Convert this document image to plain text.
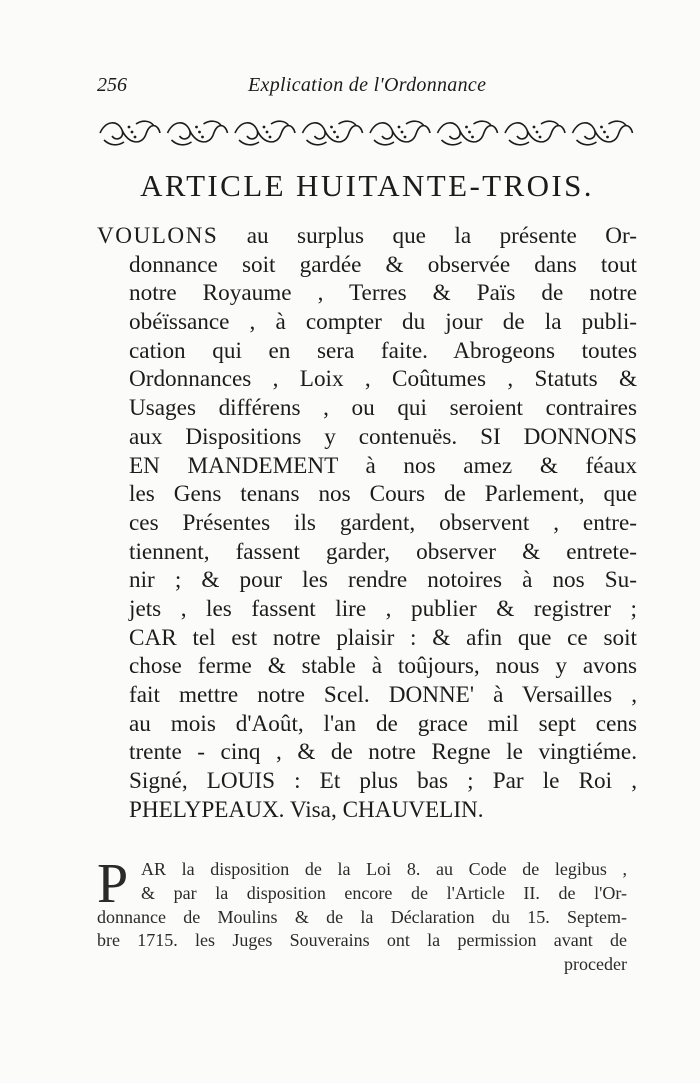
256	Explication de l'Ordonnance
ARTICLE HUITANTE-TROIS.
VOULONS au surplus que la présente Or-
donnance soit gardée & observée dans tout
notre Royaume , Terres & Païs de notre
obéïssance , à compter du jour de la publi-
cation qui en sera faite. Abrogeons toutes
Ordonnances , Loix , Coûtumes , Statuts &
Usages différens , ou qui seroient contraires
aux Dispositions y contenuës. SI DONNONS
EN MANDEMENT à nos amez & féaux
les Gens tenans nos Cours de Parlement, que
ces Présentes ils gardent, observent , entre-
tiennent, fassent garder, observer & entrete-
nir ; & pour les rendre notoires à nos Su-
jets , les fassent lire , publier & registrer ;
CAR tel est notre plaisir : & afin que ce soit
chose ferme & stable à toûjours, nous y avons
fait mettre notre Scel. DONNE' à Versailles ,
au mois d'Août, l'an de grace mil sept cens
trente - cinq , & de notre Regne le vingtiéme.
Signé, LOUIS : Et plus bas ; Par le Roi ,
PHELYPEAUX. Visa, CHAUVELIN.
P AR la disposition de la Loi 8. au Code de legibus ,
& par la disposition encore de l'Article II. de l'Or-
donnance de Moulins & de la Déclaration du 15. Septem-
bre 1715. les Juges Souverains ont la permission avant de
proceder
